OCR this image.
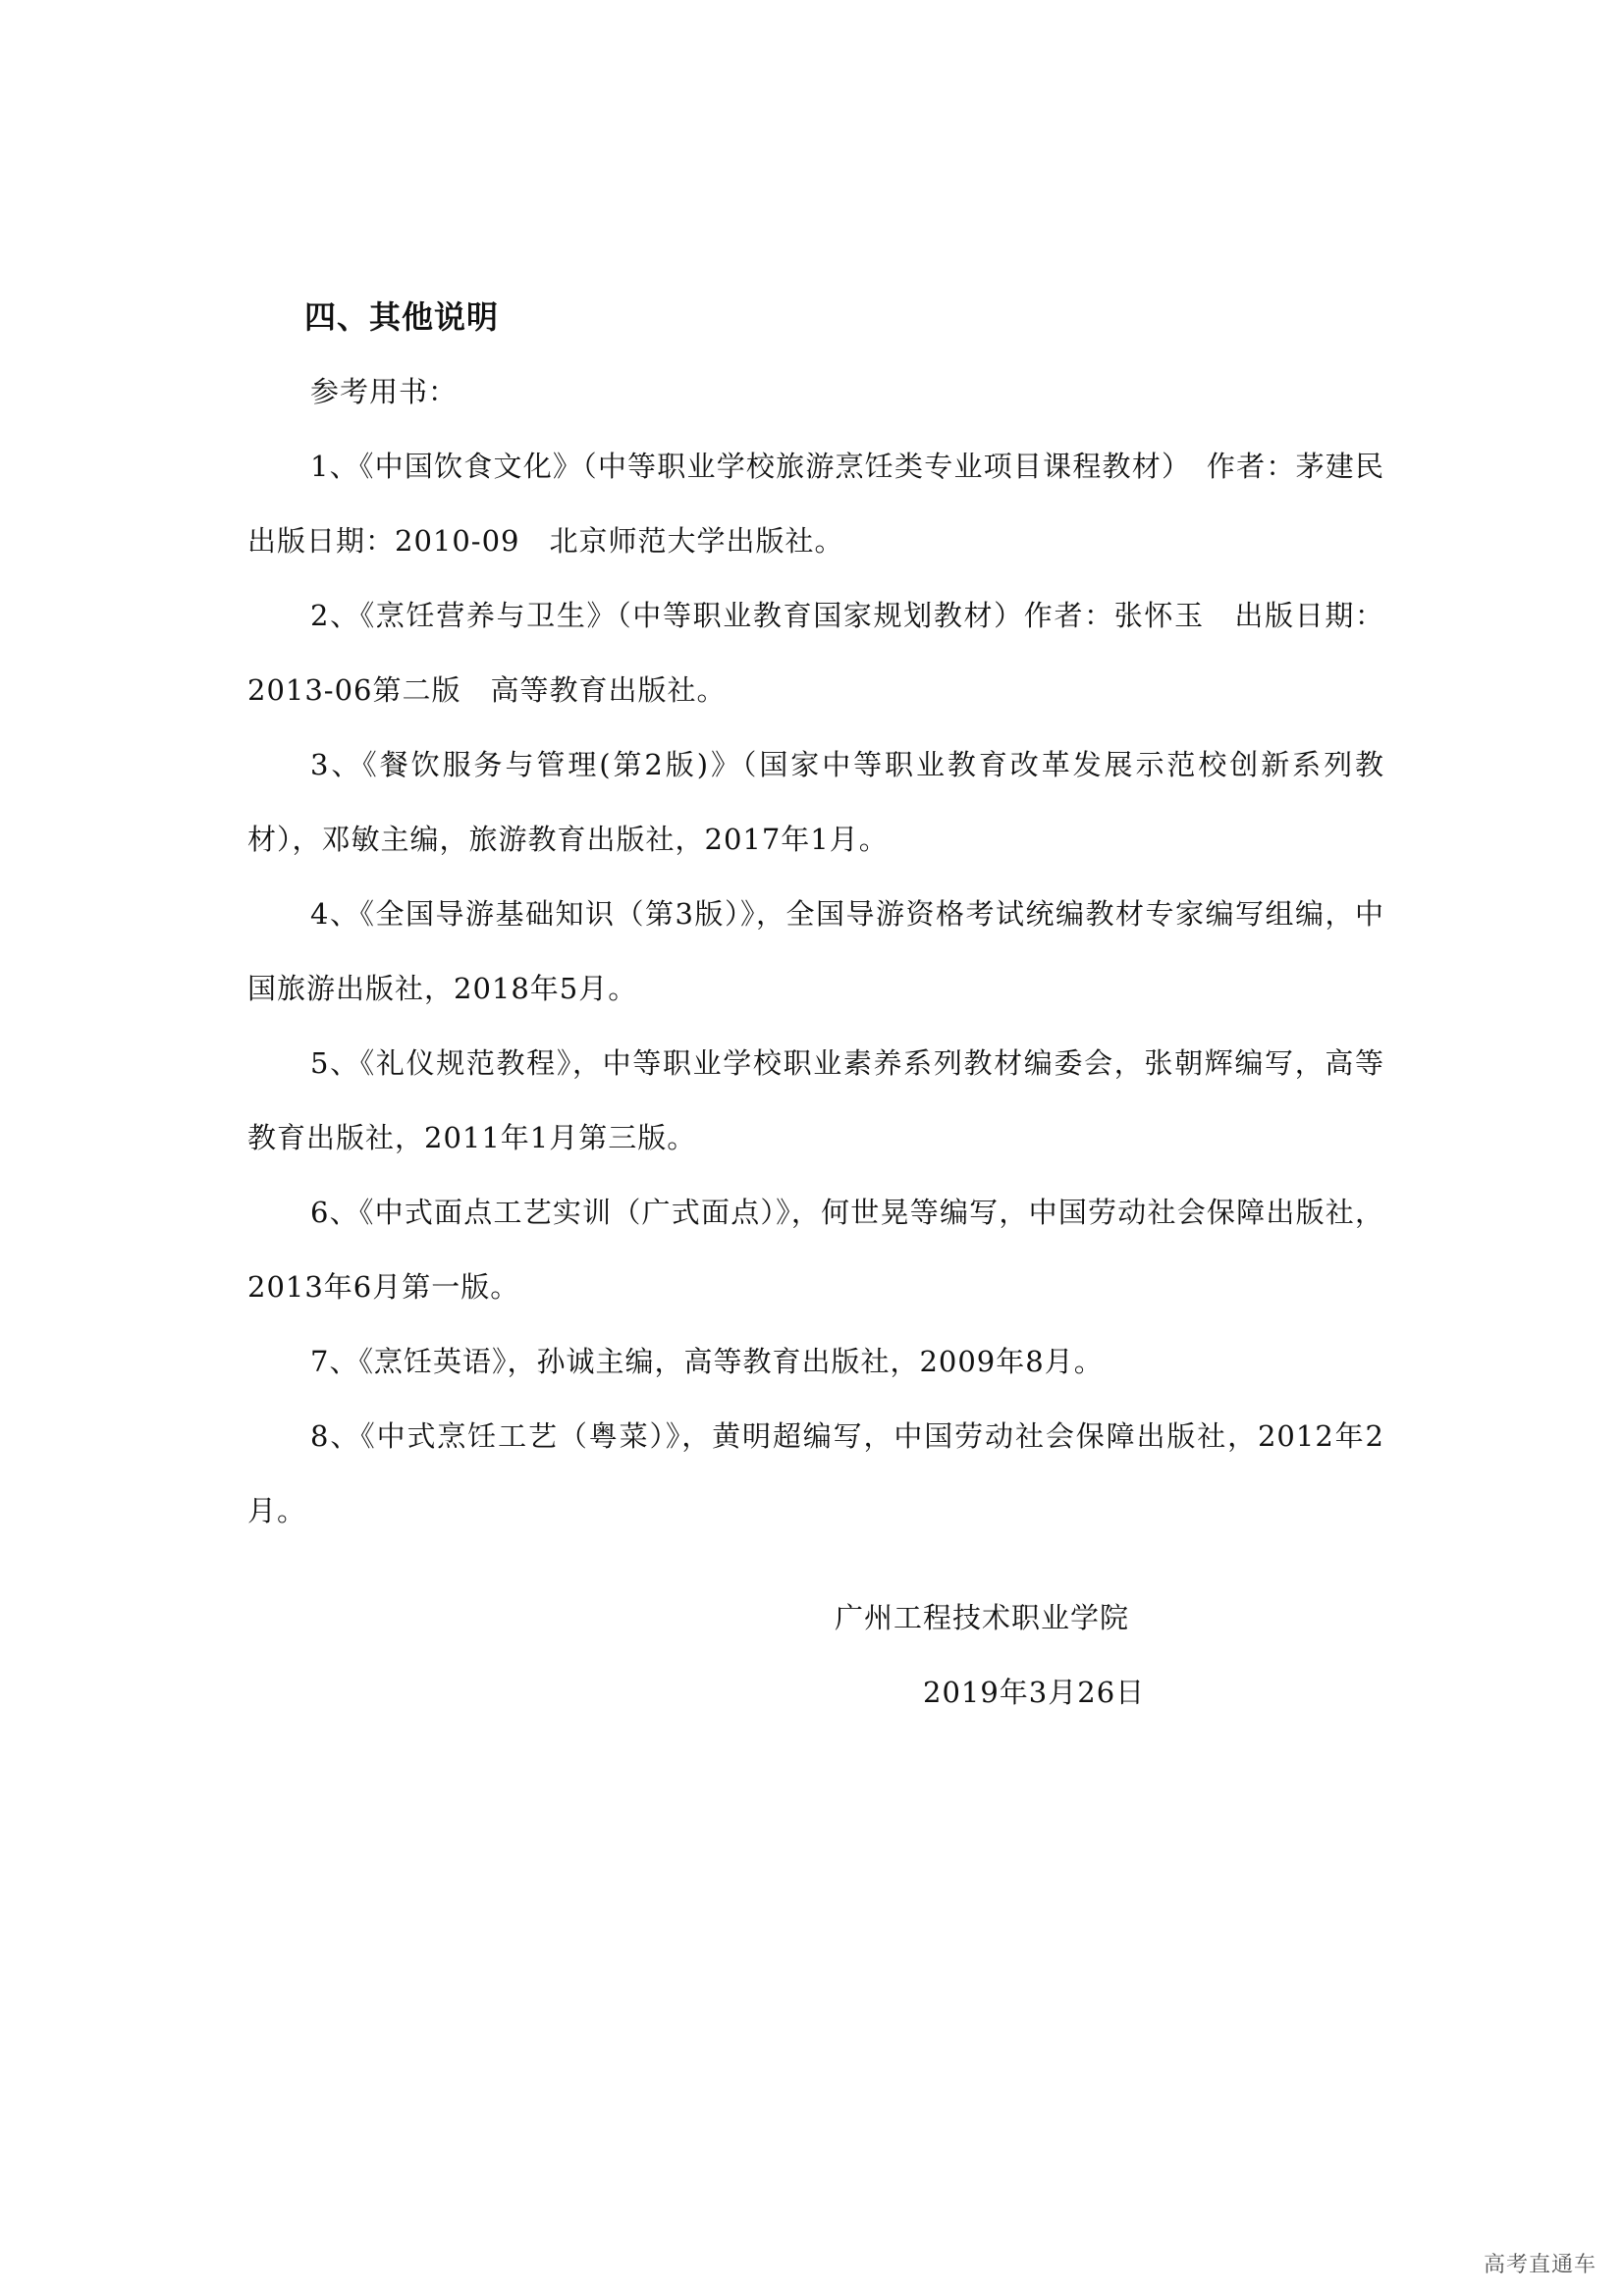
四、其他说明

参考用书：

1、《中国饮食文化》（中等职业学校旅游烹饪类专业项目课程教材）　作者：茅建民　　出版日期：2010-09　北京师范大学出版社。

2、《烹饪营养与卫生》（中等职业教育国家规划教材）作者：张怀玉　出版日期：2013-06第二版　高等教育出版社。

3、《餐饮服务与管理(第2版)》（国家中等职业教育改革发展示范校创新系列教材），邓敏主编，旅游教育出版社，2017年1月。

4、《全国导游基础知识（第3版）》，全国导游资格考试统编教材专家编写组编，中国旅游出版社，2018年5月。

5、《礼仪规范教程》，中等职业学校职业素养系列教材编委会，张朝辉编写，高等教育出版社，2011年1月第三版。

6、《中式面点工艺实训（广式面点）》，何世晃等编写，中国劳动社会保障出版社，2013年6月第一版。

7、《烹饪英语》，孙诚主编，高等教育出版社，2009年8月。

8、《中式烹饪工艺（粤菜）》，黄明超编写，中国劳动社会保障出版社，2012年2月。

广州工程技术职业学院

2019年3月26日

高考直通车
